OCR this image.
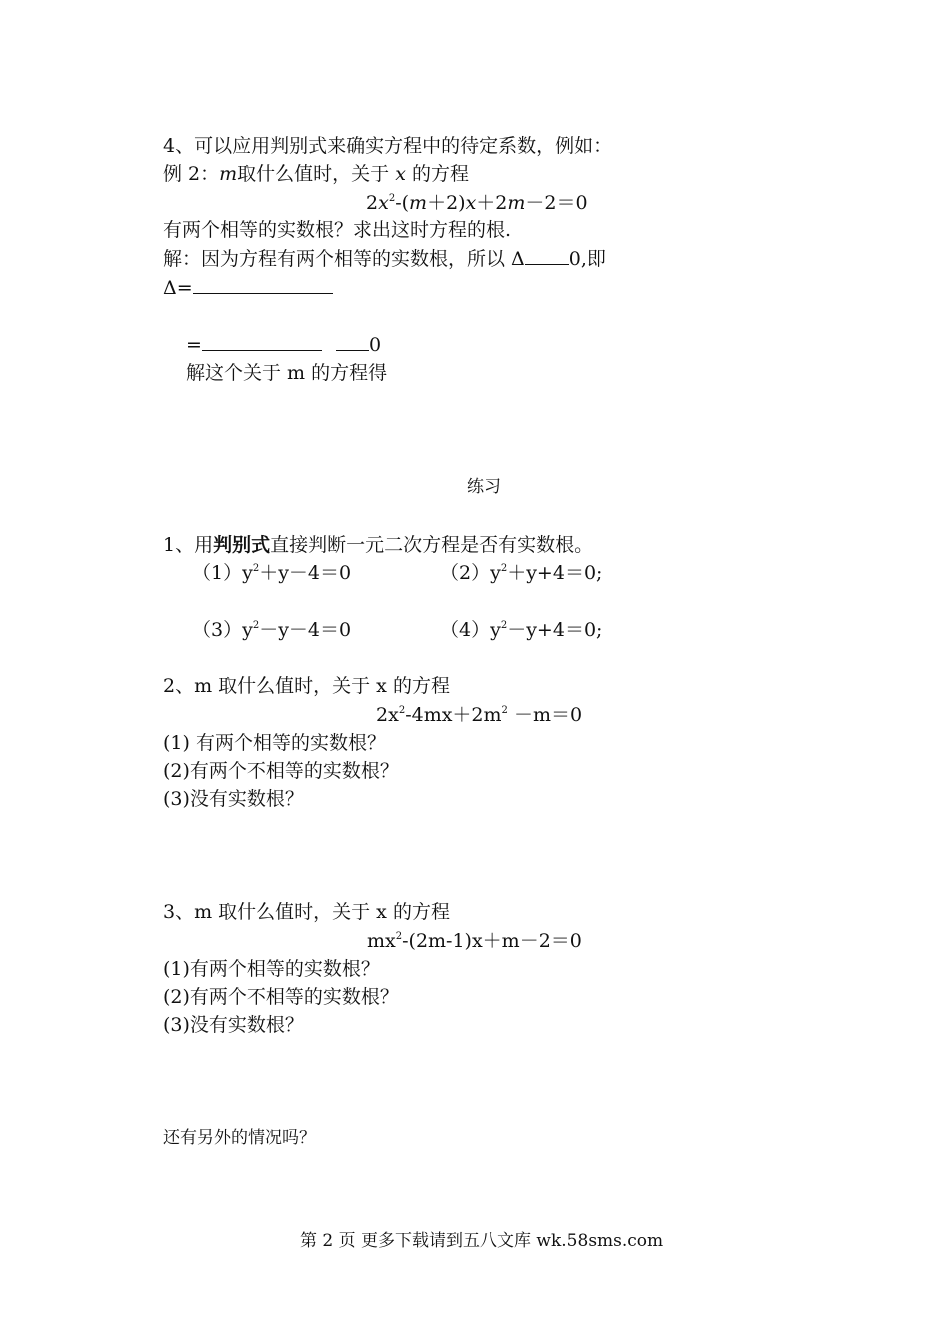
4、可以应用判别式来确实方程中的待定系数，例如：
例 2：m取什么值时，关于 x 的方程
$2x^2-(m+2)x+2m-2=0$
有两个相等的实数根？求出这时方程的根.
解：因为方程有两个相等的实数根，所以 Δ 0,即
Δ=
=	0
解这个关于 m 的方程得
练习
1、用判别式直接判断一元二次方程是否有实数根。
$(1)y^2+y-4=0$	$(2)y^2+y+4=0$;
$(3)y^2-y-4=0$	$(4)y^2-y+4=0$;
2、m 取什么值时，关于 x 的方程
$2x^2-4mx+2m^2 -m=0$
(1) 有两个相等的实数根？
(2)有两个不相等的实数根？
(3)没有实数根？
3、m 取什么值时，关于 x 的方程
$mx^2-(2m-1)x+m-2=0$
(1)有两个相等的实数根？
(2)有两个不相等的实数根？
(3)没有实数根？
还有另外的情况吗？
第 2 页 更多下载请到五八文库 wk.58sms.com
